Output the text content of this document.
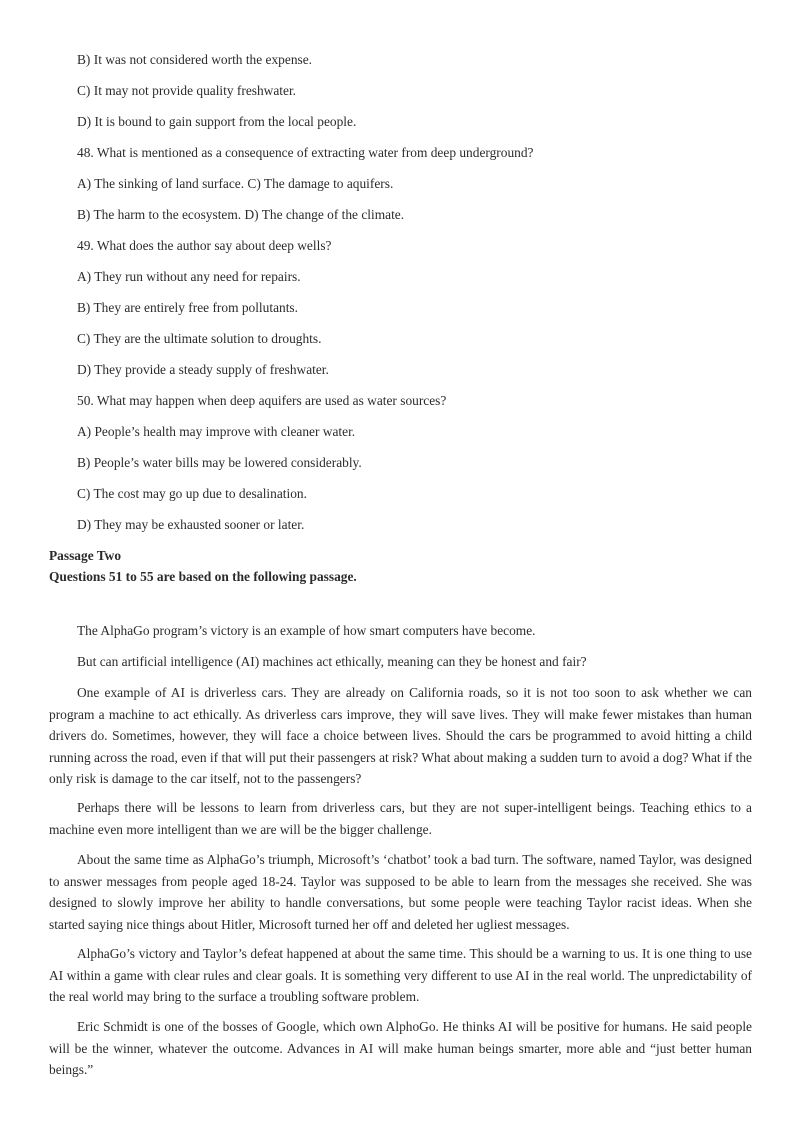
B) It was not considered worth the expense.
C) It may not provide quality freshwater.
D) It is bound to gain support from the local people.
48. What is mentioned as a consequence of extracting water from deep underground?
A) The sinking of land surface. C) The damage to aquifers.
B) The harm to the ecosystem. D) The change of the climate.
49. What does the author say about deep wells?
A) They run without any need for repairs.
B) They are entirely free from pollutants.
C) They are the ultimate solution to droughts.
D) They provide a steady supply of freshwater.
50. What may happen when deep aquifers are used as water sources?
A) People’s health may improve with cleaner water.
B) People’s water bills may be lowered considerably.
C) The cost may go up due to desalination.
D) They may be exhausted sooner or later.
Passage Two
Questions 51 to 55 are based on the following passage.

The AlphaGo program’s victory is an example of how smart computers have become.

But can artificial intelligence (AI) machines act ethically, meaning can they be honest and fair?

One example of AI is driverless cars. They are already on California roads, so it is not too soon to ask whether we can program a machine to act ethically. As driverless cars improve, they will save lives. They will make fewer mistakes than human drivers do. Sometimes, however, they will face a choice between lives. Should the cars be programmed to avoid hitting a child running across the road, even if that will put their passengers at risk? What about making a sudden turn to avoid a dog? What if the only risk is damage to the car itself, not to the passengers?

Perhaps there will be lessons to learn from driverless cars, but they are not super-intelligent beings. Teaching ethics to a machine even more intelligent than we are will be the bigger challenge.

About the same time as AlphaGo’s triumph, Microsoft’s ‘chatbot’ took a bad turn. The software, named Taylor, was designed to answer messages from people aged 18-24. Taylor was supposed to be able to learn from the messages she received. She was designed to slowly improve her ability to handle conversations, but some people were teaching Taylor racist ideas. When she started saying nice things about Hitler, Microsoft turned her off and deleted her ugliest messages.

AlphaGo’s victory and Taylor’s defeat happened at about the same time. This should be a warning to us. It is one thing to use AI within a game with clear rules and clear goals. It is something very different to use AI in the real world. The unpredictability of the real world may bring to the surface a troubling software problem.

Eric Schmidt is one of the bosses of Google, which own AlphoGo. He thinks AI will be positive for humans. He said people will be the winner, whatever the outcome. Advances in AI will make human beings smarter, more able and “just better human beings.”
